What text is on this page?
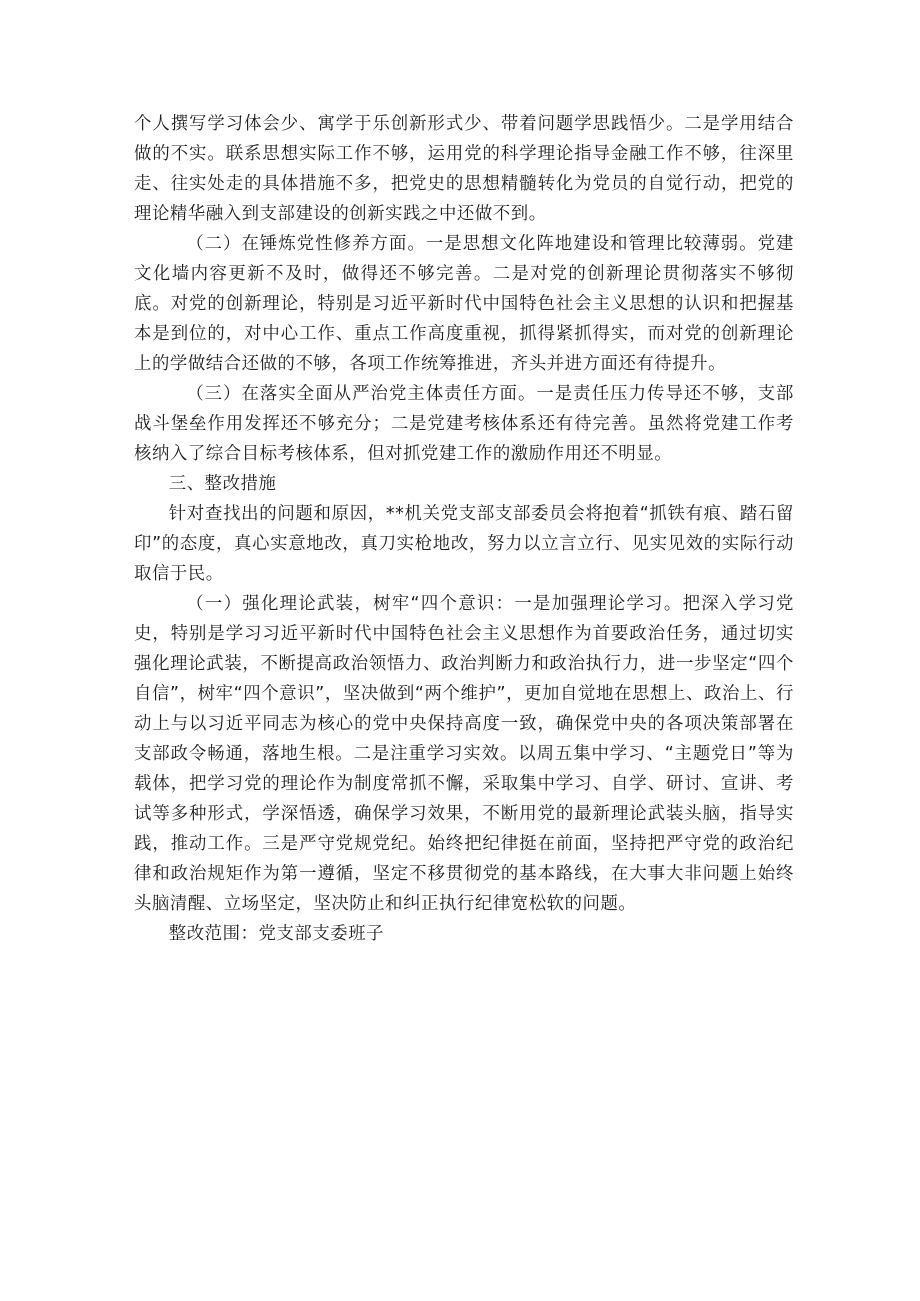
个人撰写学习体会少、寓学于乐创新形式少、带着问题学思践悟少。二是学用结合做的不实。联系思想实际工作不够，运用党的科学理论指导金融工作不够，往深里走、往实处走的具体措施不多，把党史的思想精髓转化为党员的自觉行动，把党的理论精华融入到支部建设的创新实践之中还做不到。

（二）在锤炼党性修养方面。一是思想文化阵地建设和管理比较薄弱。党建文化墙内容更新不及时，做得还不够完善。二是对党的创新理论贯彻落实不够彻底。对党的创新理论，特别是习近平新时代中国特色社会主义思想的认识和把握基本是到位的，对中心工作、重点工作高度重视，抓得紧抓得实，而对党的创新理论上的学做结合还做的不够，各项工作统筹推进，齐头并进方面还有待提升。

（三）在落实全面从严治党主体责任方面。一是责任压力传导还不够，支部战斗堡垒作用发挥还不够充分；二是党建考核体系还有待完善。虽然将党建工作考核纳入了综合目标考核体系，但对抓党建工作的激励作用还不明显。

三、整改措施

针对查找出的问题和原因，**机关党支部支部委员会将抱着“抓铁有痕、踏石留印”的态度，真心实意地改，真刀实枪地改，努力以立言立行、见实见效的实际行动取信于民。

（一）强化理论武装，树牢“四个意识：一是加强理论学习。把深入学习党史，特别是学习习近平新时代中国特色社会主义思想作为首要政治任务，通过切实强化理论武装，不断提高政治领悟力、政治判断力和政治执行力，进一步坚定“四个自信”，树牢“四个意识”，坚决做到“两个维护”，更加自觉地在思想上、政治上、行动上与以习近平同志为核心的党中央保持高度一致，确保党中央的各项决策部署在支部政令畅通，落地生根。二是注重学习实效。以周五集中学习、“主题党日”等为载体，把学习党的理论作为制度常抓不懈，采取集中学习、自学、研讨、宣讲、考试等多种形式，学深悟透，确保学习效果，不断用党的最新理论武装头脑，指导实践，推动工作。三是严守党规党纪。始终把纪律挺在前面，坚持把严守党的政治纪律和政治规矩作为第一遵循，坚定不移贯彻党的基本路线，在大事大非问题上始终头脑清醒、立场坚定，坚决防止和纠正执行纪律宽松软的问题。

整改范围：党支部支委班子
